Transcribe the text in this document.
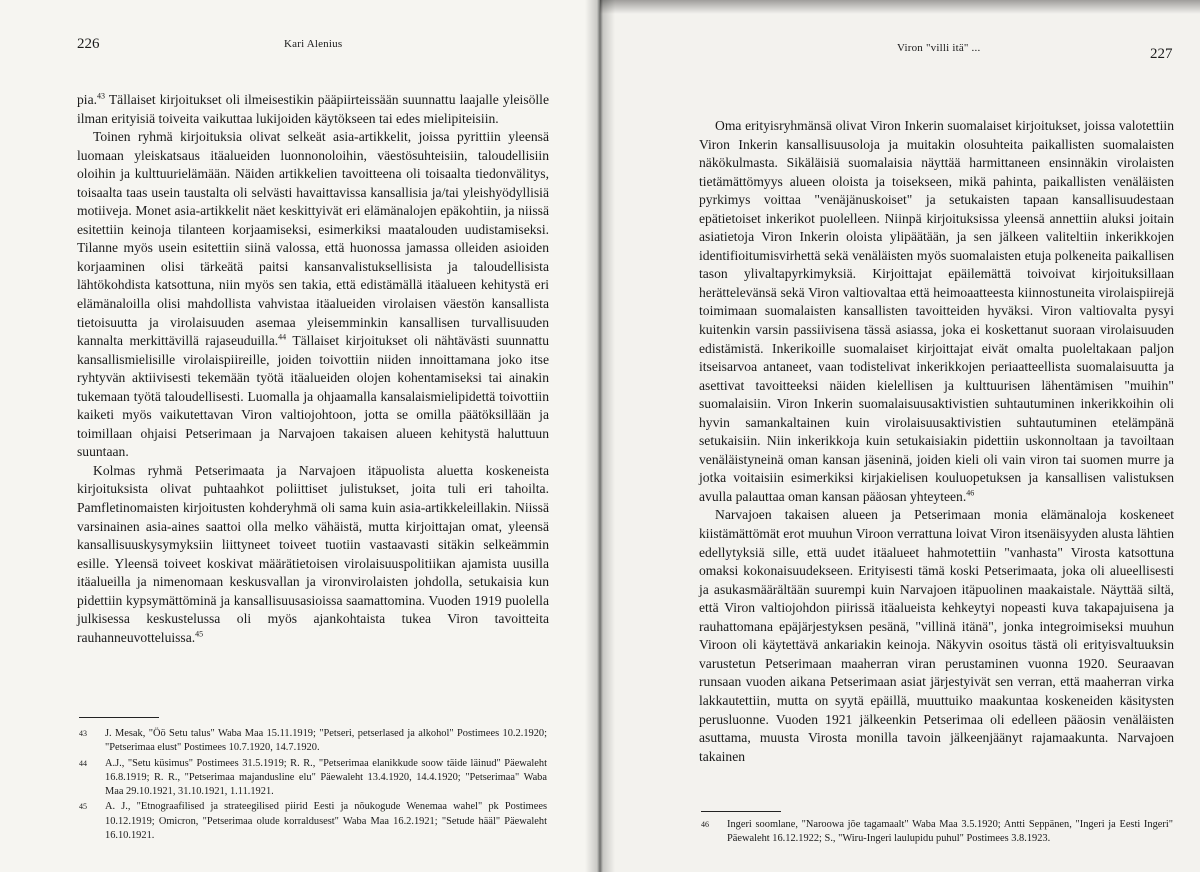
226	Kari Alenius

pia.$^{43}$ Tällaiset kirjoitukset oli ilmeisestikin pääpiirteissään suunnattu laajalle yleisölle ilman erityisiä toiveita vaikuttaa lukijoiden käytökseen tai edes mielipiteisiin.

Toinen ryhmä kirjoituksia olivat selkeät asia-artikkelit, joissa pyrittiin yleensä luomaan yleiskatsaus itäalueiden luonnonoloihin, väestösuhteisiin, taloudellisiin oloihin ja kulttuurielämään. Näiden artikkelien tavoitteena oli toisaalta tiedonvälitys, toisaalta taas usein taustalta oli selvästi havaittavissa kansallisia ja/tai yleishyödyllisiä motiiveja. Monet asia-artikkelit näet keskittyivät eri elämänalojen epäkohtiin, ja niissä esitettiin keinoja tilanteen korjaamiseksi, esimerkiksi maatalouden uudistamiseksi. Tilanne myös usein esitettiin siinä valossa, että huonossa jamassa olleiden asioiden korjaaminen olisi tärkeätä paitsi kansanvalistuksellisista ja taloudellisista lähtökohdista katsottuna, niin myös sen takia, että edistämällä itäalueen kehitystä eri elämänaloilla olisi mahdollista vahvistaa itäalueiden virolaisen väestön kansallista tietoisuutta ja virolaisuuden asemaa yleisemminkin kansallisen turvallisuuden kannalta merkittävillä rajaseuduilla.$^{44}$ Tällaiset kirjoitukset oli nähtävästi suunnattu kansallismielisille virolaispiireille, joiden toivottiin niiden innoittamana joko itse ryhtyvän aktiivisesti tekemään työtä itäalueiden olojen kohentamiseksi tai ainakin tukemaan työtä taloudellisesti. Luomalla ja ohjaamalla kansalaismielipidettä toivottiin kaiketi myös vaikutettavan Viron valtiojohtoon, jotta se omilla päätöksillään ja toimillaan ohjaisi Petserimaan ja Narvajoen takaisen alueen kehitystä haluttuun suuntaan.

Kolmas ryhmä Petserimaata ja Narvajoen itäpuolista aluetta koskeneista kirjoituksista olivat puhtaahkot poliittiset julistukset, joita tuli eri tahoilta. Pamfletinomaisten kirjoitusten kohderyhmä oli sama kuin asia-artikkeleillakin. Niissä varsinainen asia-aines saattoi olla melko vähäistä, mutta kirjoittajan omat, yleensä kansallisuuskysymyksiin liittyneet toiveet tuotiin vastaavasti sitäkin selkeämmin esille. Yleensä toiveet koskivat määrätietoisen virolaisuuspolitiikan ajamista uusilla itäalueilla ja nimenomaan keskusvallan ja vironvirolaisten johdolla, setukaisia kun pidettiin kypsymättöminä ja kansallisuusasioissa saamattomina. Vuoden 1919 puolella julkisessa keskustelussa oli myös ajankohtaista tukea Viron tavoitteita rauhanneuvotteluissa.$^{45}$

43 J. Mesak, "Öö Setu talus" Waba Maa 15.11.1919; "Petseri, petserlased ja alkohol" Postimees 10.2.1920; "Petserimaa elust" Postimees 10.7.1920, 14.7.1920.
44 A.J., "Setu küsimus" Postimees 31.5.1919; R. R., "Petserimaa elanikkude soow täide läinud" Päewaleht 16.8.1919; R. R., "Petserimaa majandusline elu" Päewaleht 13.4.1920, 14.4.1920; "Petserimaa" Waba Maa 29.10.1921, 31.10.1921, 1.11.1921.
45 A. J., "Etnograafilised ja strateegilised piirid Eesti ja nõukogude Wenemaa wahel" pk Postimees 10.12.1919; Omicron, "Petserimaa olude korraldusest" Waba Maa 16.2.1921; "Setude hääl" Päewaleht 16.10.1921.
Viron "villi itä" ...	227

Oma erityisryhmänsä olivat Viron Inkerin suomalaiset kirjoitukset, joissa valotettiin Viron Inkerin kansallisuusoloja ja muitakin olosuhteita paikallisten suomalaisten näkökulmasta. Sikäläisiä suomalaisia näyttää harmittaneen ensinnäkin virolaisten tietämättömyys alueen oloista ja toisekseen, mikä pahinta, paikallisten venäläisten pyrkimys voittaa "venäjänuskoiset" ja setukaisten tapaan kansallisuudestaan epätietoiset inkerikot puolelleen. Niinpä kirjoituksissa yleensä annettiin aluksi joitain asiatietoja Viron Inkerin oloista ylipäätään, ja sen jälkeen valiteltiin inkerikkojen identifioitumisvirhettä sekä venäläisten myös suomalaisten etuja polkeneita paikallisen tason ylivaltapyrkimyksiä. Kirjoittajat epäilemättä toivoivat kirjoituksillaan herättelevänsä sekä Viron valtiovaltaa että heimoaatteesta kiinnostuneita virolaispiirejä toimimaan suomalaisten kansallisten tavoitteiden hyväksi. Viron valtiovalta pysyi kuitenkin varsin passiivisena tässä asiassa, joka ei koskettanut suoraan virolaisuuden edistämistä. Inkerikoille suomalaiset kirjoittajat eivät omalta puoleltakaan paljon itseisarvoa antaneet, vaan todistelivat inkerikkojen periaatteellista suomalaisuutta ja asettivat tavoitteeksi näiden kielellisen ja kulttuurisen lähentämisen "muihin" suomalaisiin. Viron Inkerin suomalaisuusaktivistien suhtautuminen inkerikkoihin oli hyvin samankaltainen kuin virolaisuusaktivistien suhtautuminen etelämpänä setukaisiin. Niin inkerikkoja kuin setukaisiakin pidettiin uskonnoltaan ja tavoiltaan venäläistyneinä oman kansan jäseninä, joiden kieli oli vain viron tai suomen murre ja jotka voitaisiin esimerkiksi kirjakielisen kouluopetuksen ja kansallisen valistuksen avulla palauttaa oman kansan pääosan yhteyteen.$^{46}$

Narvajoen takaisen alueen ja Petserimaan monia elämänaloja koskeneet kiistämättömät erot muuhun Viroon verrattuna loivat Viron itsenäisyyden alusta lähtien edellytyksiä sille, että uudet itäalueet hahmotettiin "vanhasta" Virosta katsottuna omaksi kokonaisuudekseen. Erityisesti tämä koski Petserimaata, joka oli alueellisesti ja asukasmäärältään suurempi kuin Narvajoen itäpuolinen maakaistale. Näyttää siltä, että Viron valtiojohdon piirissä itäalueista kehkeytyi nopeasti kuva takapajuisena ja rauhattomana epäjärjestyksen pesänä, "villinä itänä", jonka integroimiseksi muuhun Viroon oli käytettävä ankariakin keinoja. Näkyvin osoitus tästä oli erityisvaltuuksin varustetun Petserimaan maaherran viran perustaminen vuonna 1920. Seuraavan runsaan vuoden aikana Petserimaan asiat järjestyivät sen verran, että maaherran virka lakkautettiin, mutta on syytä epäillä, muuttuiko maakuntaa koskeneiden käsitysten perusluonne. Vuoden 1921 jälkeenkin Petserimaa oli edelleen pääosin venäläisten asuttama, muusta Virosta monilla tavoin jälkeenjäänyt rajamaakunta. Narvajoen takainen

46 Ingeri soomlane, "Naroowa jõe tagamaalt" Waba Maa 3.5.1920; Antti Seppänen, "Ingeri ja Eesti Ingeri" Päewaleht 16.12.1922; S., "Wiru-Ingeri laulupidu puhul" Postimees 3.8.1923.
